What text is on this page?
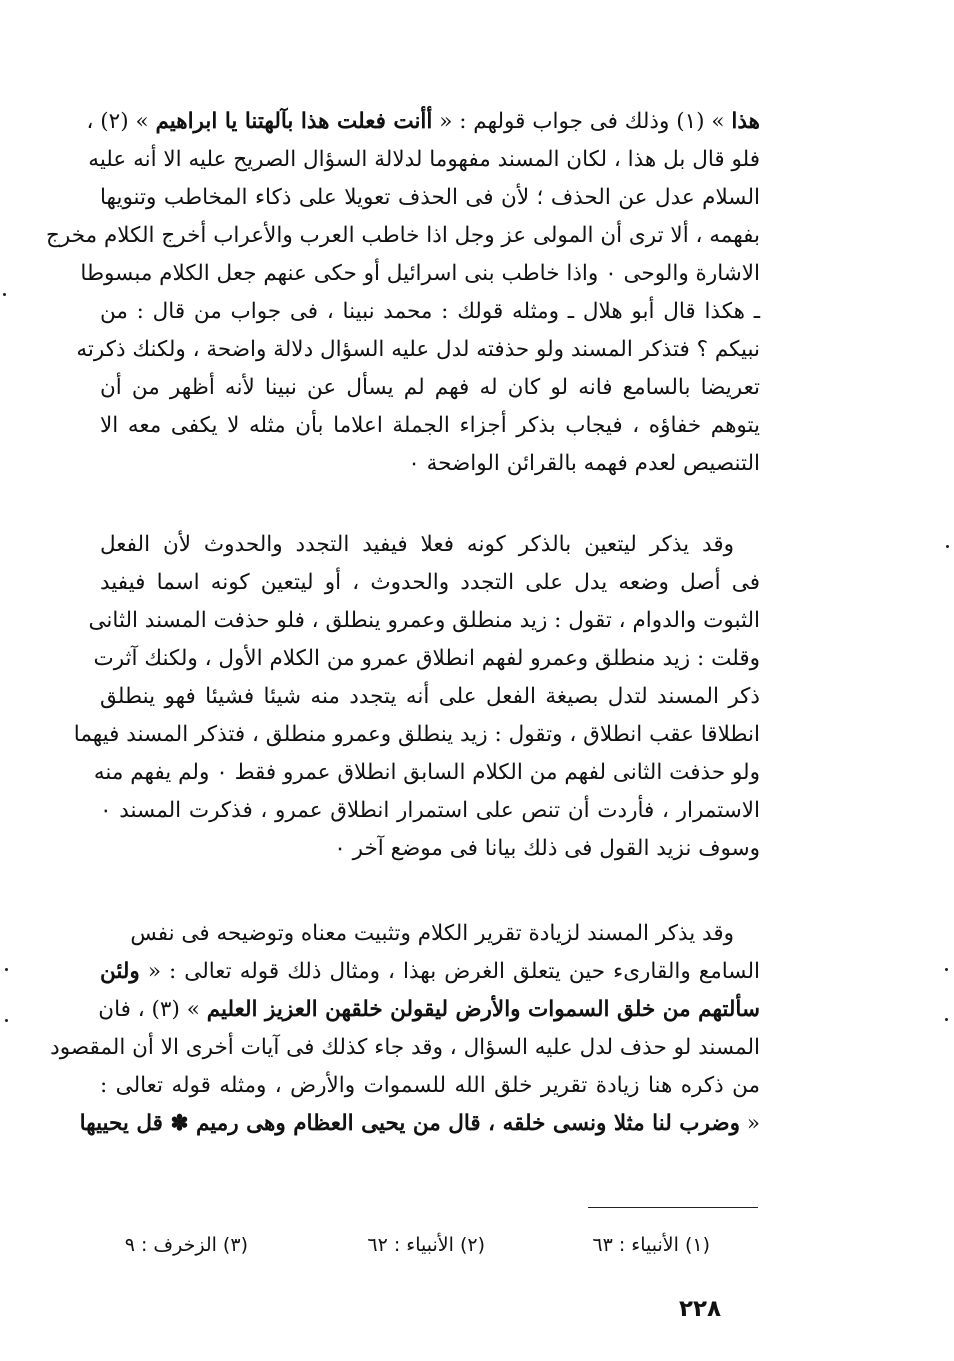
هذا » (١) وذلك فى جواب قولهم : « أأنت فعلت هذا بآلهتنا يا ابراهيم » (٢) ،
فلو قال بل هذا ، لكان المسند مفهوما لدلالة السؤال الصريح عليه الا أنه عليه
السلام عدل عن الحذف ؛ لأن فى الحذف تعويلا على ذكاء المخاطب وتنويها
بفهمه ، ألا ترى أن المولى عز وجل اذا خاطب العرب والأعراب أخرج الكلام مخرج
الاشارة والوحى ٠ واذا خاطب بنى اسرائيل أو حكى عنهم جعل الكلام مبسوطا
ـ هكذا قال أبو هلال ـ ومثله قولك : محمد نبينا ، فى جواب من قال : من
نبيكم ؟ فتذكر المسند ولو حذفته لدل عليه السؤال دلالة واضحة ، ولكنك ذكرته
تعريضا بالسامع فانه لو كان له فهم لم يسأل عن نبينا لأنه أظهر من أن
يتوهم خفاؤه ، فيجاب بذكر أجزاء الجملة اعلاما بأن مثله لا يكفى معه الا
التنصيص لعدم فهمه بالقرائن الواضحة ٠
وقد يذكر ليتعين بالذكر كونه فعلا فيفيد التجدد والحدوث لأن الفعل
فى أصل وضعه يدل على التجدد والحدوث ، أو ليتعين كونه اسما فيفيد
الثبوت والدوام ، تقول : زيد منطلق وعمرو ينطلق ، فلو حذفت المسند الثانى
وقلت : زيد منطلق وعمرو لفهم انطلاق عمرو من الكلام الأول ، ولكنك آثرت
ذكر المسند لتدل بصيغة الفعل على أنه يتجدد منه شيئا فشيئا فهو ينطلق
انطلاقا عقب انطلاق ، وتقول : زيد ينطلق وعمرو منطلق ، فتذكر المسند فيهما
ولو حذفت الثانى لفهم من الكلام السابق انطلاق عمرو فقط ٠ ولم يفهم منه
الاستمرار ، فأردت أن تنص على استمرار انطلاق عمرو ، فذكرت المسند ٠
وسوف نزيد القول فى ذلك بيانا فى موضع آخر ٠
وقد يذكر المسند لزيادة تقرير الكلام وتثبيت معناه وتوضيحه فى نفس
السامع والقارىء حين يتعلق الغرض بهذا ، ومثال ذلك قوله تعالى : « ولئن
سألتهم من خلق السموات والأرض ليقولن خلقهن العزيز العليم » (٣) ، فان
المسند لو حذف لدل عليه السؤال ، وقد جاء كذلك فى آيات أخرى الا أن المقصود
من ذكره هنا زيادة تقرير خلق الله للسموات والأرض ، ومثله قوله تعالى :
« وضرب لنا مثلا ونسى خلقه ، قال من يحيى العظام وهى رميم ✽ قل يحييها
(١) الأنبياء : ٦٣
(٢) الأنبياء : ٦٢
(٣) الزخرف : ٩
٢٢٨
